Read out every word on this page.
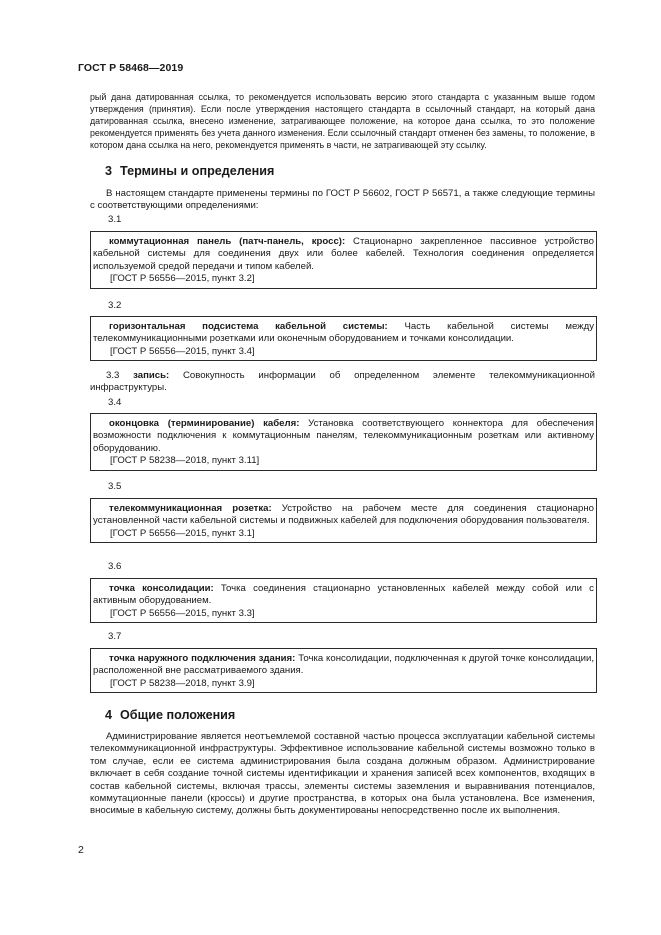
ГОСТ Р 58468—2019
рый дана датированная ссылка, то рекомендуется использовать версию этого стандарта с указанным выше годом утверждения (принятия). Если после утверждения настоящего стандарта в ссылочный стандарт, на который дана датированная ссылка, внесено изменение, затрагивающее положение, на которое дана ссылка, то это положение рекомендуется применять без учета данного изменения. Если ссылочный стандарт отменен без замены, то положение, в котором дана ссылка на него, рекомендуется применять в части, не затрагивающей эту ссылку.
3 Термины и определения
В настоящем стандарте применены термины по ГОСТ Р 56602, ГОСТ Р 56571, а также следующие термины с соответствующими определениями:
3.1

коммутационная панель (патч-панель, кросс): Стационарно закрепленное пассивное устройство кабельной системы для соединения двух или более кабелей. Технология соединения определяется используемой средой передачи и типом кабелей.

[ГОСТ Р 56556—2015, пункт 3.2]

3.2

горизонтальная подсистема кабельной системы: Часть кабельной системы между телекоммуникационными розетками или оконечным оборудованием и точками консолидации.

[ГОСТ Р 56556—2015, пункт 3.4]

3.3 запись: Совокупность информации об определенном элементе телекоммуникационной инфраструктуры.
3.4

оконцовка (терминирование) кабеля: Установка соответствующего коннектора для обеспечения возможности подключения к коммутационным панелям, телекоммуникационным розеткам или активному оборудованию.

[ГОСТ Р 58238—2018, пункт 3.11]

3.5

телекоммуникационная розетка: Устройство на рабочем месте для соединения стационарно установленной части кабельной системы и подвижных кабелей для подключения оборудования пользователя.

[ГОСТ Р 56556—2015, пункт 3.1]

3.6

точка консолидации: Точка соединения стационарно установленных кабелей между собой или с активным оборудованием.

[ГОСТ Р 56556—2015, пункт 3.3]

3.7

точка наружного подключения здания: Точка консолидации, подключенная к другой точке консолидации, расположенной вне рассматриваемого здания.

[ГОСТ Р 58238—2018, пункт 3.9]

4 Общие положения
Администрирование является неотъемлемой составной частью процесса эксплуатации кабельной системы телекоммуникационной инфраструктуры. Эффективное использование кабельной системы возможно только в том случае, если ее система администрирования была создана должным образом. Администрирование включает в себя создание точной системы идентификации и хранения записей всех компонентов, входящих в состав кабельной системы, включая трассы, элементы системы заземления и выравнивания потенциалов, коммутационные панели (кроссы) и другие пространства, в которых она была установлена. Все изменения, вносимые в кабельную систему, должны быть документированы непосредственно после их выполнения.
2
